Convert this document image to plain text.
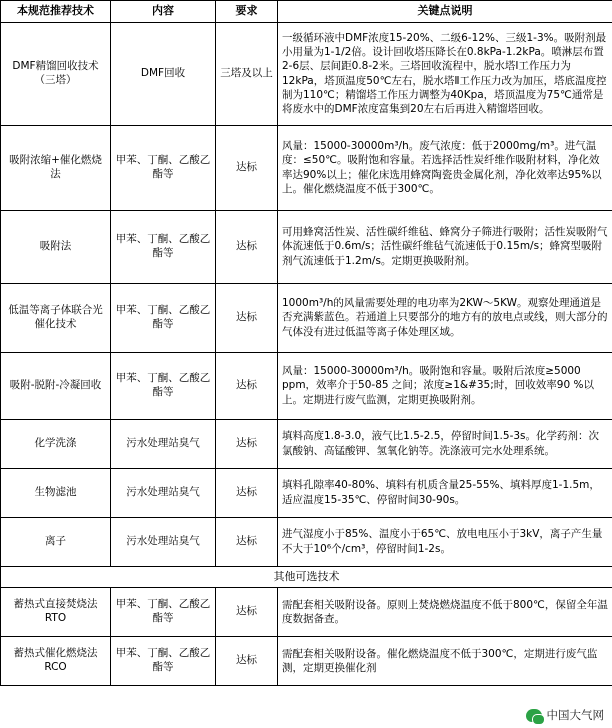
本规范推荐技术	内容	要求	关键点说明
DMF精馏回收技术（三塔）	DMF回收	三塔及以上	一级循环液中DMF浓度15-20%、二级6-12%、三级1-3%。吸附剂最小用量为1-1/2倍。设计回收塔压降长在0.8kPa-1.2kPa。喷淋层布置2-6层、层间距0.8-2米。三塔回收流程中，脱水塔Ⅰ工作压力为12kPa，塔顶温度50℃左右，脱水塔Ⅱ工作压力改为加压，塔底温度控制为110℃；精馏塔工作压力调整为40Kpa，塔顶温度为75℃通常是将废水中的DMF浓度富集到20左右后再进入精馏塔回收。
吸附浓缩+催化燃烧法	甲苯、丁酮、乙酸乙酯等	达标	风量：15000-30000m³/h。废气浓度：低于2000mg/m³。进气温度：≤50℃。吸附饱和容量。若选择活性炭纤维作吸附材料，净化效率达90%以上；催化床选用蜂窝陶瓷贵金属化剂，净化效率达95%以上。催化燃烧温度不低于300℃。
吸附法	甲苯、丁酮、乙酸乙酯等	达标	可用蜂窝活性炭、活性碳纤维毡、蜂窝分子筛进行吸附；活性炭吸附气体流速低于0.6m/s；活性碳纤维毡气流速低于0.15m/s；蜂窝型吸附剂气流速低于1.2m/s。定期更换吸附剂。
低温等离子体联合光催化技术	甲苯、丁酮、乙酸乙酯等	达标	1000m³/h的风量需要处理的电功率为2KW～5KW。观察处理通道是否充满紫蓝色。若通道上只要部分的地方有的放电点或线，则大部分的气体没有进过低温等离子体处理区域。
吸附-脱附-冷凝回收	甲苯、丁酮、乙酸乙酯等	达标	风量：15000-30000m³/h。吸附饱和容量。吸附后浓度≥5000 ppm，效率介于50-85 之间；浓度≥1&#35;时，回收效率90 %以上。定期进行废气监测，定期更换吸附剂。
化学洗涤	污水处理站臭气	达标	填料高度1.8-3.0，液气比1.5-2.5，停留时间1.5-3s。化学药剂：次氯酸钠、高锰酸钾、氢氧化钠等。洗涤液可完水处理系统。
生物滤池	污水处理站臭气	达标	填料孔隙率40-80%、填料有机质含量25-55%、填料厚度1-1.5m，适应温度15-35℃、停留时间30-90s。
离子	污水处理站臭气	达标	进气湿度小于85%、温度小于65℃、放电电压小于3kV，离子产生量不大于10⁶个/cm³，停留时间1-2s。
其他可选技术			
蓄热式直接焚烧法RTO	甲苯、丁酮、乙酸乙酯等	达标	需配套相关吸附设备。原则上焚烧燃烧温度不低于800℃，保留全年温度数据备查。
蓄热式催化燃烧法RCO	甲苯、丁酮、乙酸乙酯等	达标	需配套相关吸附设备。催化燃烧温度不低于300℃，定期进行废气监测，定期更换催化剂
中国大气网
